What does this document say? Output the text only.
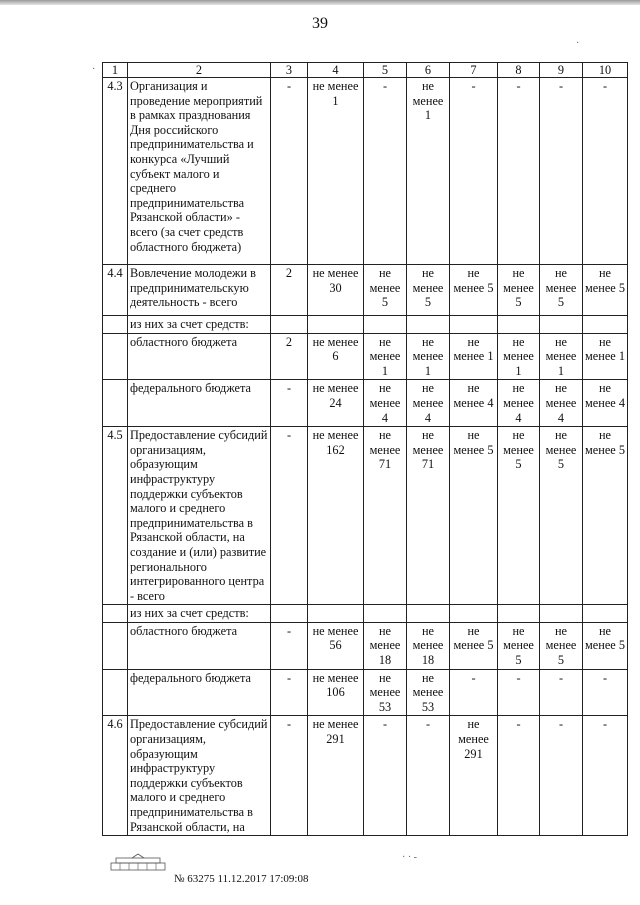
39
·
· 1	2	3	4	5	6	7	8	9	10
4.3	Организация и проведение мероприятий в рамках празднования Дня российского предпринимательства и конкурса «Лучший субъект малого и среднего предпринимательства Рязанской области» - всего (за счет средств областного бюджета)	-	не менее 1	-	не менее 1	-	-	-	-
4.4	Вовлечение молодежи в предпринимательскую деятельность - всего	2	не менее 30	не менее 5	не менее 5	не менее 5	не менее 5	не менее 5	не менее 5
	из них за счет средств:								
	областного бюджета	2	не менее 6	не менее 1	не менее 1	не менее 1	не менее 1	не менее 1	не менее 1
	федерального бюджета	-	не менее 24	не менее 4	не менее 4	не менее 4	не менее 4	не менее 4	не менее 4
4.5	Предоставление субсидий организациям, образующим инфраструктуру поддержки субъектов малого и среднего предпринимательства в Рязанской области, на создание и (или) развитие регионального интегрированного центра - всего	-	не менее 162	не менее 71	не менее 71	не менее 5	не менее 5	не менее 5	не менее 5
	из них за счет средств:								
	областного бюджета	-	не менее 56	не менее 18	не менее 18	не менее 5	не менее 5	не менее 5	не менее 5
	федерального бюджета	-	не менее 106	не менее 53	не менее 53	-	-	-	-
4.6	Предоставление субсидий организациям, образующим инфраструктуру поддержки субъектов малого и среднего предпринимательства в Рязанской области, на	-	не менее 291	-	-	не менее 291	-	-	-
№ 63275 11.12.2017 17:09:08
· · -
